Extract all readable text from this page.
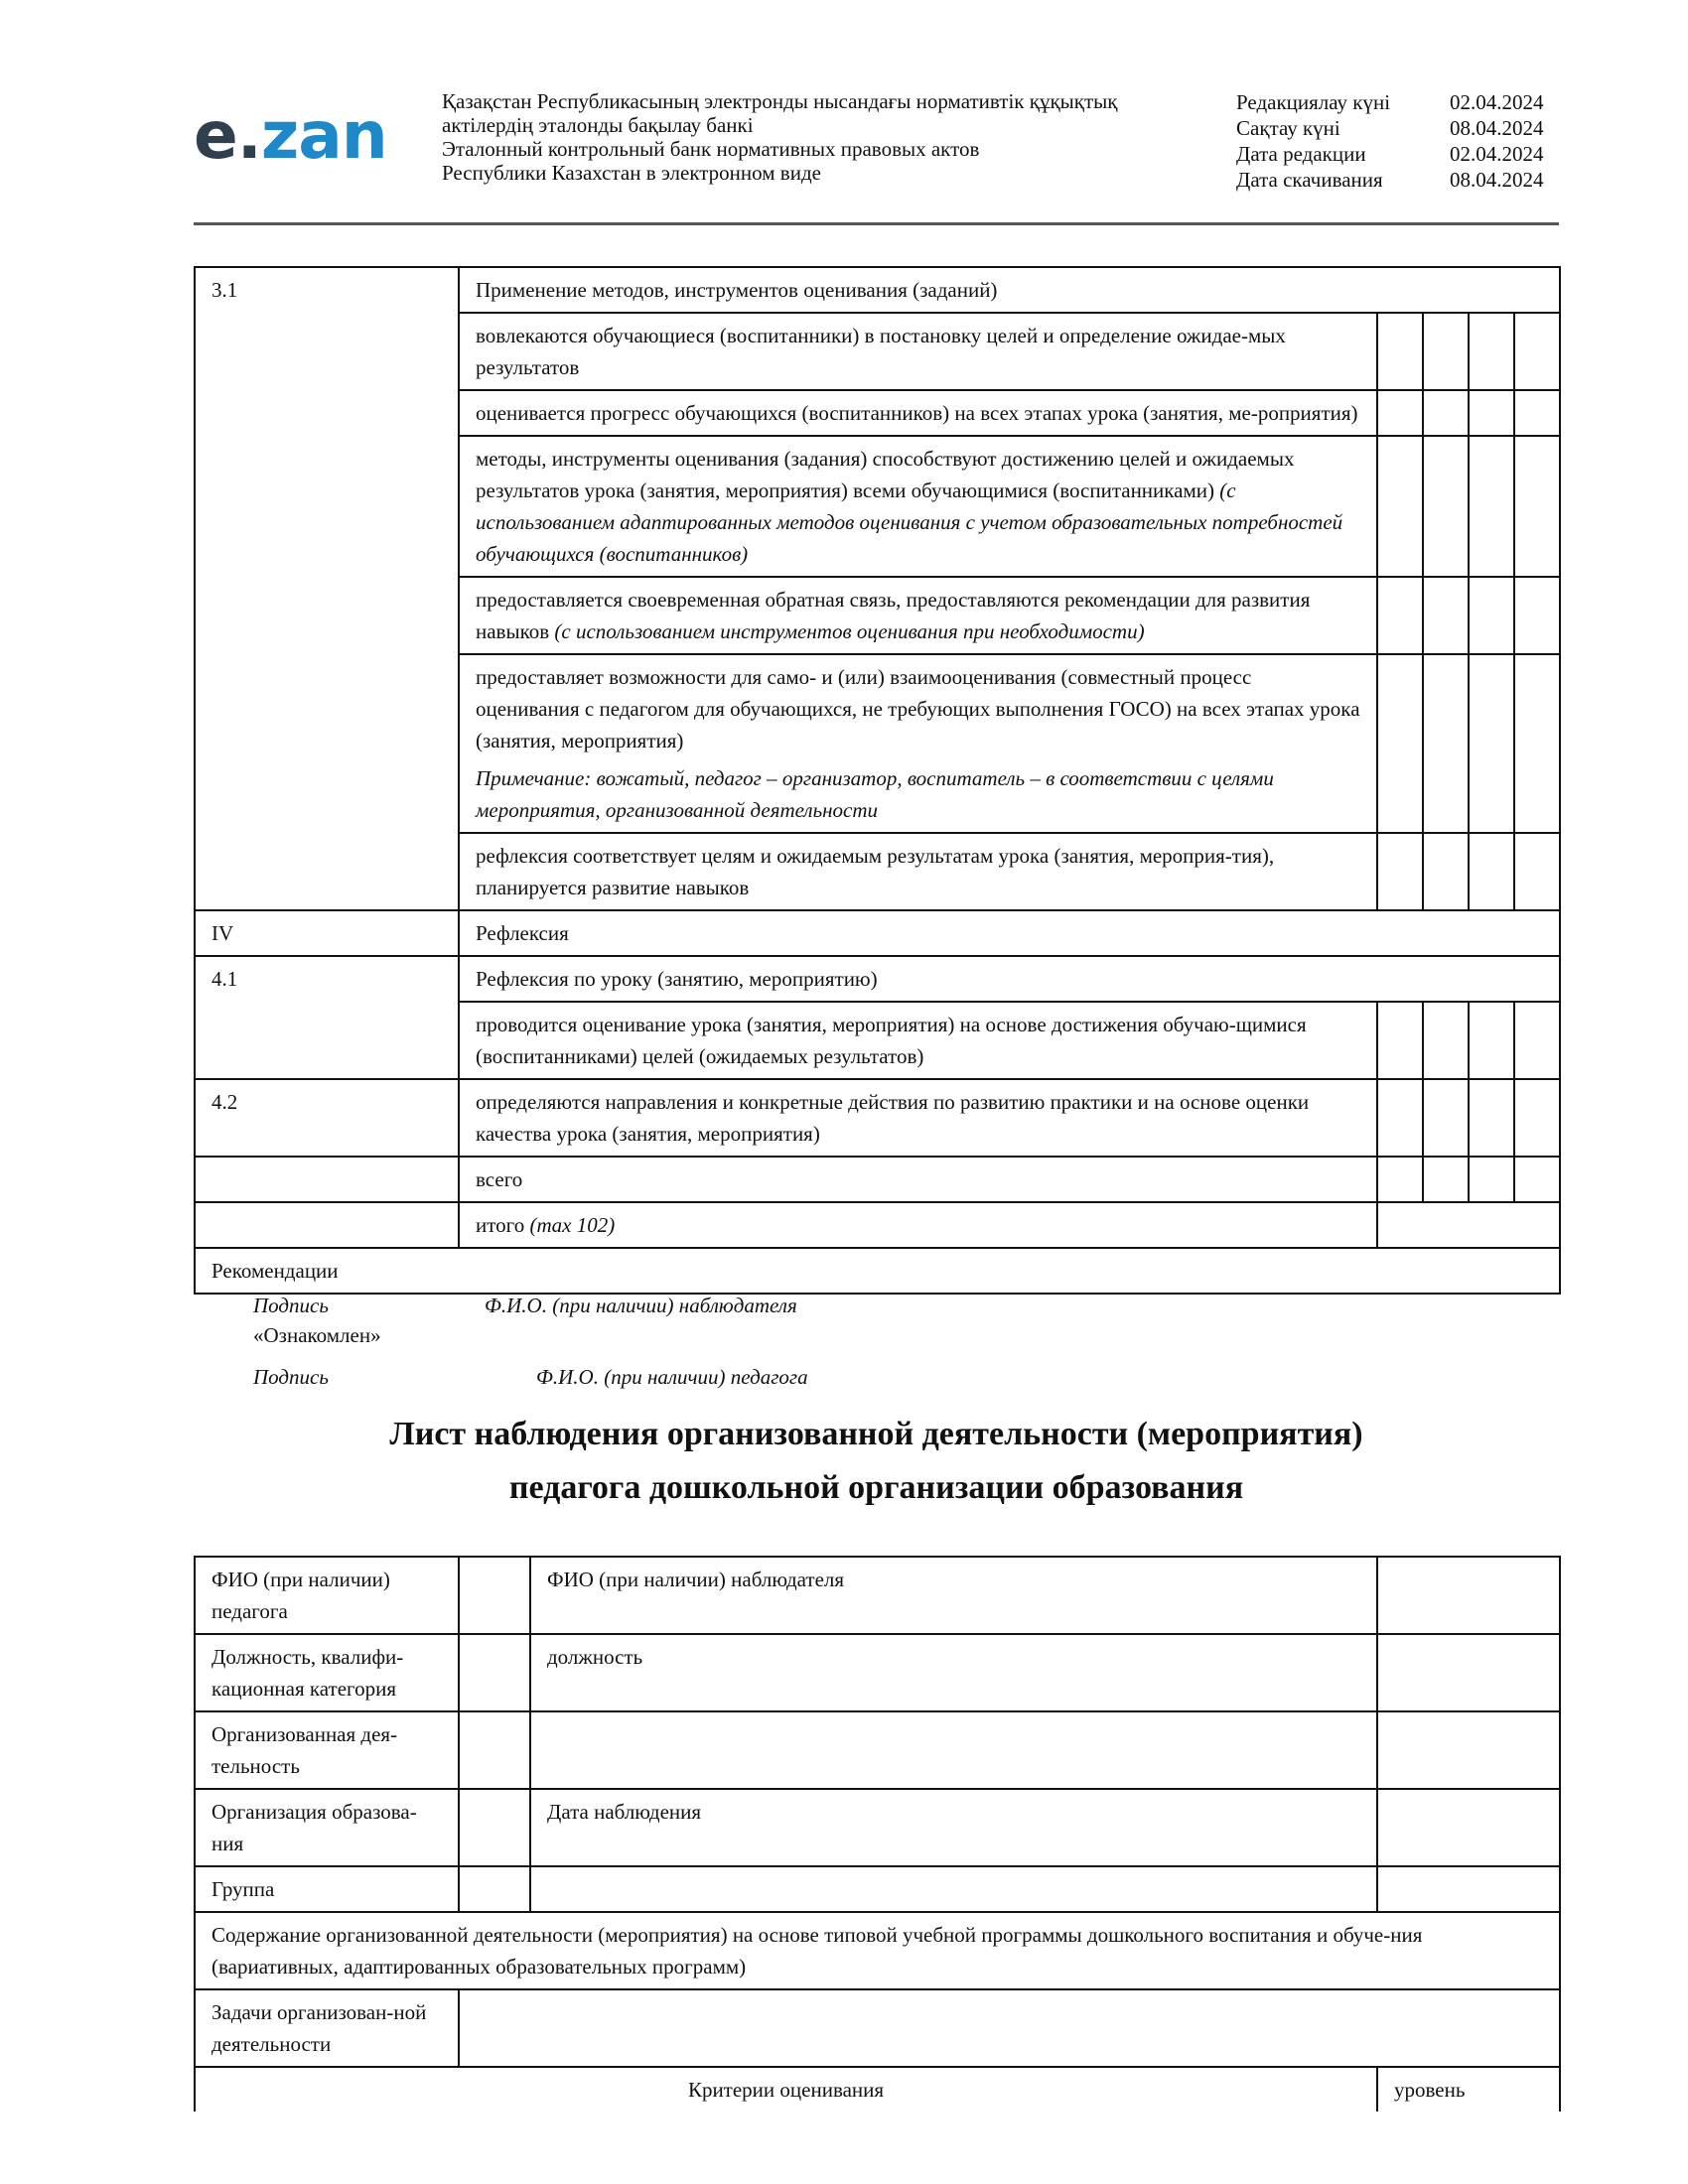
e.zan	Қазақстан Республикасының электронды нысандағы нормативтік құқықтық
актілердің эталонды бақылау банкі
Эталонный контрольный банк нормативных правовых актов
Республики Казахстан в электронном виде
Редакциялау күні	02.04.2024
Сақтау күні	08.04.2024
Дата редакции	02.04.2024
Дата скачивания	08.04.2024
3.1	Применение методов, инструментов оценивания (заданий)				
	вовлекаются обучающиеся (воспитанники) в постановку целей и определение ожидае-мых результатов				
	оценивается прогресс обучающихся (воспитанников) на всех этапах урока (занятия, ме-роприятия)				
	методы, инструменты оценивания (задания) способствуют достижению целей и ожидаемых результатов урока (занятия, мероприятия) всеми обучающимися (воспитанниками) (с использованием адаптированных методов оценивания с учетом образовательных потребностей обучающихся (воспитанников)				
	предоставляется своевременная обратная связь, предоставляются рекомендации для развития навыков (с использованием инструментов оценивания при необходимости)				

	предоставляет возможности для само- и (или) взаимооценивания (совместный процесс оценивания с педагогом для обучающихся, не требующих выполнения ГОСО) на всех этапах урока (занятия, мероприятия)
Примечание: вожатый, педагог – организатор, воспитатель – в соответствии с целями мероприятия, организованной деятельности				

	рефлексия соответствует целям и ожидаемым результатам урока (занятия, мероприя-тия), планируется развитие навыков				
IV	Рефлексия				
4.1	Рефлексия по уроку (занятию, мероприятию)				
	проводится оценивание урока (занятия, мероприятия) на основе достижения обучаю-щимися (воспитанниками) целей (ожидаемых результатов)				
4.2	определяются направления и конкретные действия по развитию практики и на основе оценки качества урока (занятия, мероприятия)				
	всего				
	итого (max 102)				
Рекомендации					
Подпись	Ф.И.О. (при наличии) наблюдателя
«Ознакомлен»
Подпись	Ф.И.О. (при наличии) педагога
Лист наблюдения организованной деятельности (мероприятия)
педагога дошкольной организации образования
ФИО (при наличии) педагога		ФИО (при наличии) наблюдателя	
Должность, квалифи-кационная категория		должность	
Организованная дея-тельность			
Организация образова-ния		Дата наблюдения	
Группа			
Содержание организованной деятельности (мероприятия) на основе типовой учебной программы дошкольного воспитания и обуче-ния (вариативных, адаптированных образовательных программ)			
Задачи организован-ной деятельности			
Критерии оценивания			уровень
